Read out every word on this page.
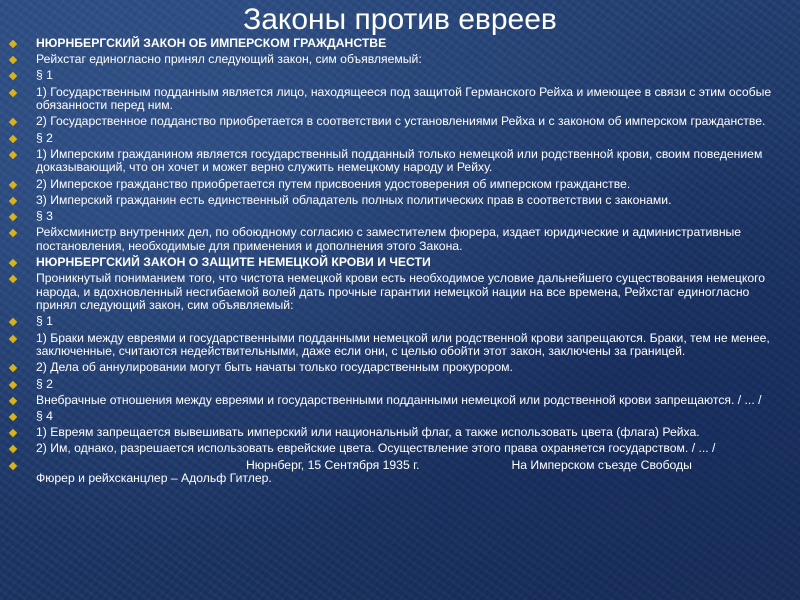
Законы против евреев
НЮРНБЕРГСКИЙ ЗАКОН ОБ ИМПЕРСКОМ ГРАЖДАНСТВЕ
Рейхстаг единогласно принял следующий закон, сим объявляемый:
§ 1
1) Государственным подданным является лицо, находящееся под защитой Германского Рейха и имеющее в связи с этим особые обязанности перед ним.
2) Государственное подданство приобретается в соответствии с установлениями Рейха и с законом об имперском гражданстве.
§ 2
1) Имперским гражданином является государственный подданный только немецкой или родственной крови, своим поведением доказывающий, что он хочет и может верно служить немецкому народу и Рейху.
2) Имперское гражданство приобретается путем присвоения удостоверения об имперском гражданстве.
3) Имперский гражданин есть единственный обладатель полных политических прав в соответствии с законами.
§ 3
Рейхсминистр внутренних дел, по обоюдному согласию с заместителем фюрера, издает юридические и административные постановления, необходимые для применения и дополнения этого Закона.
НЮРНБЕРГСКИЙ ЗАКОН О ЗАЩИТЕ НЕМЕЦКОЙ КРОВИ И ЧЕСТИ
Проникнутый пониманием того, что чистота немецкой крови есть необходимое условие дальнейшего существования немецкого народа, и вдохновленный несгибаемой волей дать прочные гарантии немецкой нации на все времена, Рейхстаг единогласно принял следующий закон, сим объявляемый:
§ 1
1) Браки между евреями и государственными подданными немецкой или родственной крови запрещаются. Браки, тем не менее, заключенные, считаются недействительными, даже если они, с целью обойти этот закон, заключены за границей.
2) Дела об аннулировании могут быть начаты только государственным прокурором.
§ 2
Внебрачные отношения между евреями и государственными подданными немецкой или родственной крови запрещаются. / ... /
§ 4
1) Евреям запрещается вывешивать имперский или национальный флаг, а также использовать цвета (флага) Рейха.
2) Им, однако, разрешается использовать еврейские цвета. Осуществление этого права охраняется государством. / ... /
Нюрнберг, 15 Сентября 1935 г.	На Имперском съезде Свободы
Фюрер и рейхсканцлер – Адольф Гитлер.
